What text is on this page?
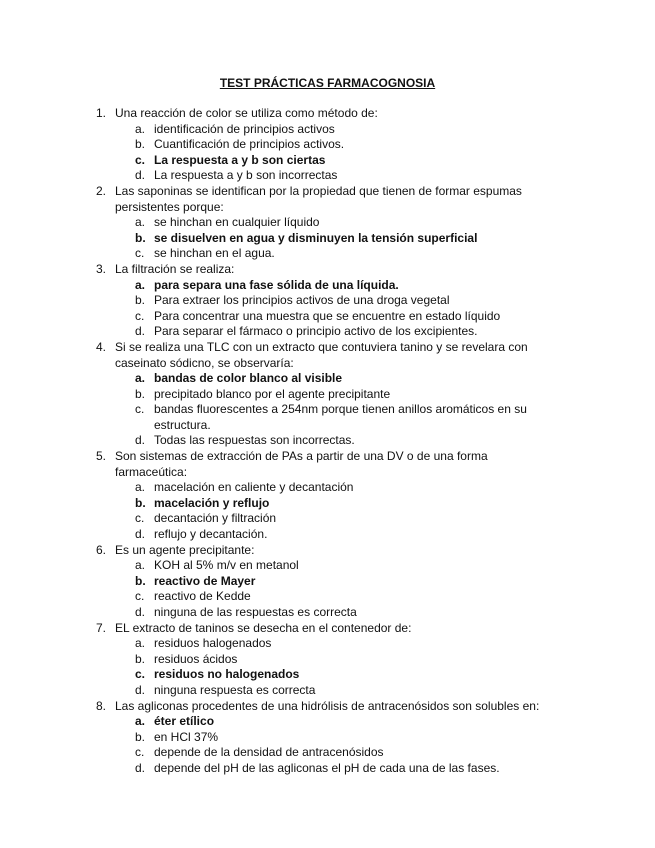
TEST PRÁCTICAS FARMACOGNOSIA
1. Una reacción de color se utiliza como método de:
a. identificación de principios activos
b. Cuantificación de principios activos.
c. La respuesta a y b son ciertas
d. La respuesta a y b son incorrectas
2. Las saponinas se identifican por la propiedad que tienen de formar espumas persistentes porque:
a. se hinchan en cualquier líquido
b. se disuelven en agua y disminuyen la tensión superficial
c. se hinchan en el agua.
3. La filtración se realiza:
a. para separa una fase sólida de una líquida.
b. Para extraer los principios activos de una droga vegetal
c. Para concentrar una muestra que se encuentre en estado líquido
d. Para separar el fármaco o principio activo de los excipientes.
4. Si se realiza una TLC con un extracto que contuviera tanino y se revelara con caseinato sódicno, se observaría:
a. bandas de color blanco al visible
b. precipitado blanco por el agente precipitante
c. bandas fluorescentes a 254nm porque tienen anillos aromáticos en su estructura.
d. Todas las respuestas son incorrectas.
5. Son sistemas de extracción de PAs a partir de una DV o de una forma farmaceútica:
a. macelación en caliente y decantación
b. macelación y reflujo
c. decantación y filtración
d. reflujo y decantación.
6. Es un agente precipitante:
a. KOH al 5% m/v en metanol
b. reactivo de Mayer
c. reactivo de Kedde
d. ninguna de las respuestas es correcta
7. EL extracto de taninos se desecha en el contenedor de:
a. residuos halogenados
b. residuos ácidos
c. residuos no halogenados
d. ninguna respuesta es correcta
8. Las agliconas procedentes de una hidrólisis de antracenósidos son solubles en:
a. éter etílico
b. en HCl 37%
c. depende de la densidad de antracenósidos
d. depende del pH de las agliconas el pH de cada una de las fases.
